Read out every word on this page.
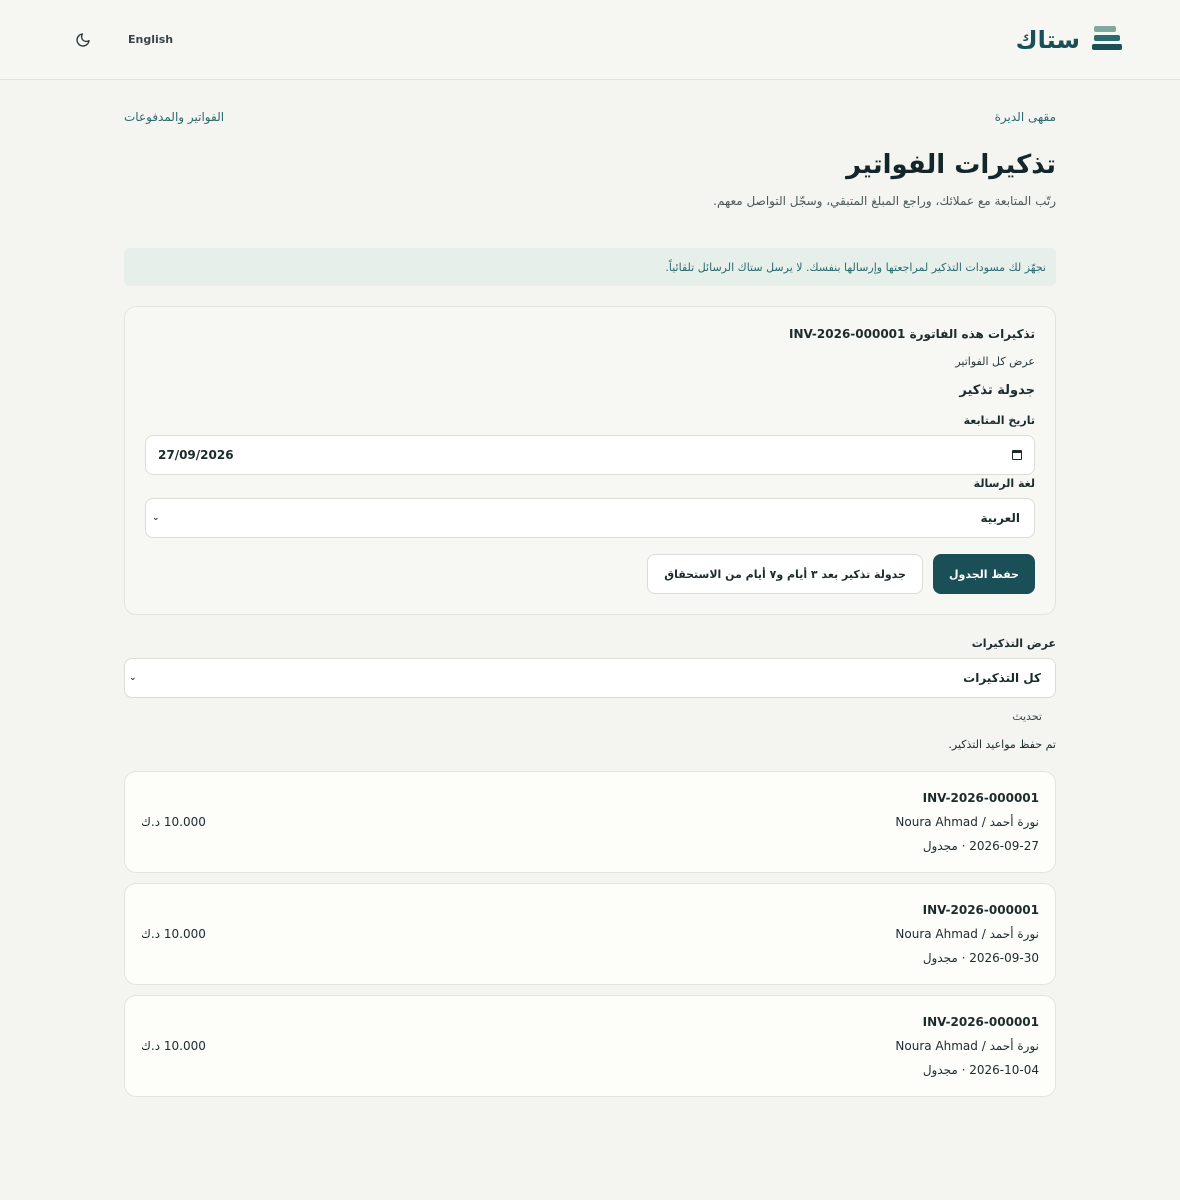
ستاك
English
مقهى الديرة
الفواتير والمدفوعات
تذكيرات الفواتير

رتّب المتابعة مع عملائك، وراجع المبلغ المتبقي، وسجّل التواصل معهم.

نجهّز لك مسودات التذكير لمراجعتها وإرسالها بنفسك. لا يرسل ستاك الرسائل تلقائياً.
تذكيرات هذه الفاتورة INV-2026-000001
عرض كل الفواتير
جدولة تذكير
تاريخ المتابعة
27/09/2026
لغة الرسالة
العربية
⌄
حفظ الجدول
جدولة تذكير بعد ٣ أيام و٧ أيام من الاستحقاق
عرض التذكيرات
كل التذكيرات
⌄
تحديث
تم حفظ مواعيد التذكير.
INV-2026-000001
نورة أحمد / Noura Ahmad
2026-09-27 · مجدول
10.000 د.ك
INV-2026-000001
نورة أحمد / Noura Ahmad
2026-09-30 · مجدول
10.000 د.ك
INV-2026-000001
نورة أحمد / Noura Ahmad
2026-10-04 · مجدول
10.000 د.ك
